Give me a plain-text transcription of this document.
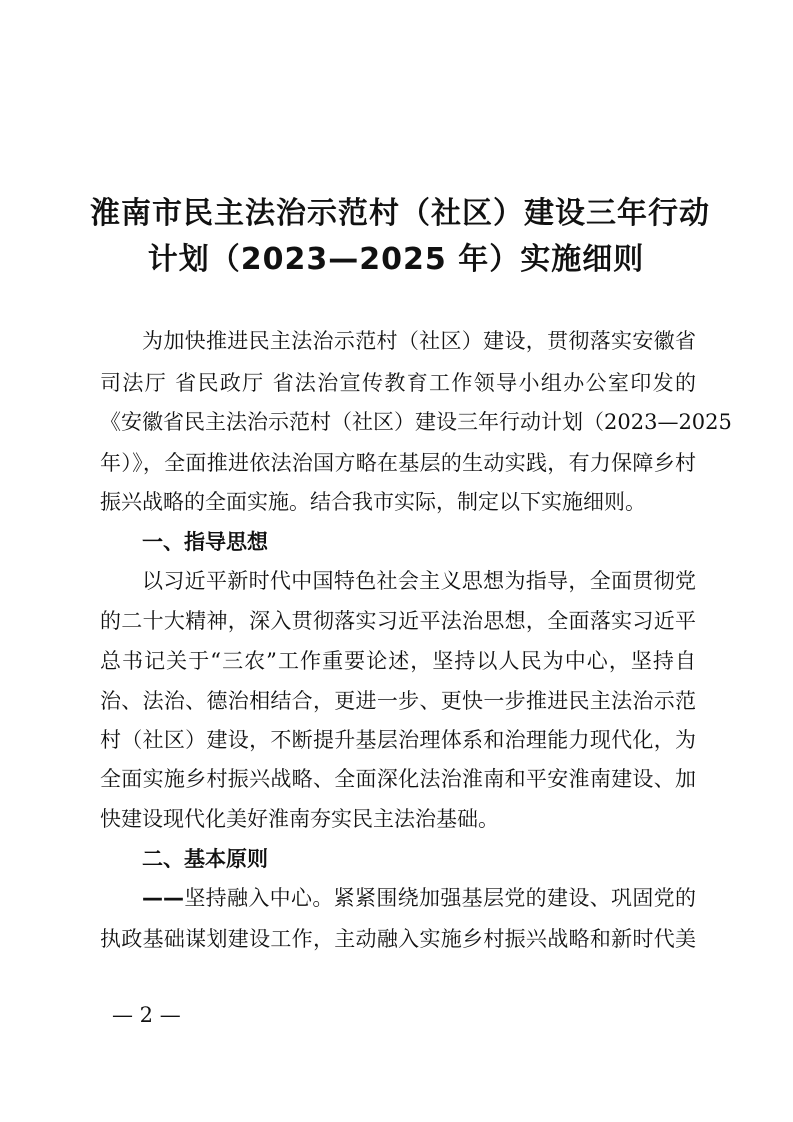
淮南市民主法治示范村（社区）建设三年行动
计划（2023—2025 年）实施细则
为加快推进民主法治示范村（社区）建设，贯彻落实安徽省
司法厅 省民政厅 省法治宣传教育工作领导小组办公室印发的
《安徽省民主法治示范村（社区）建设三年行动计划（2023—2025
年）》，全面推进依法治国方略在基层的生动实践，有力保障乡村
振兴战略的全面实施。结合我市实际，制定以下实施细则。
一、指导思想
以习近平新时代中国特色社会主义思想为指导，全面贯彻党
的二十大精神，深入贯彻落实习近平法治思想，全面落实习近平
总书记关于“三农”工作重要论述，坚持以人民为中心，坚持自
治、法治、德治相结合，更进一步、更快一步推进民主法治示范
村（社区）建设，不断提升基层治理体系和治理能力现代化，为
全面实施乡村振兴战略、全面深化法治淮南和平安淮南建设、加
快建设现代化美好淮南夯实民主法治基础。
二、基本原则
——坚持融入中心。紧紧围绕加强基层党的建设、巩固党的
执政基础谋划建设工作，主动融入实施乡村振兴战略和新时代美
— 2 —
